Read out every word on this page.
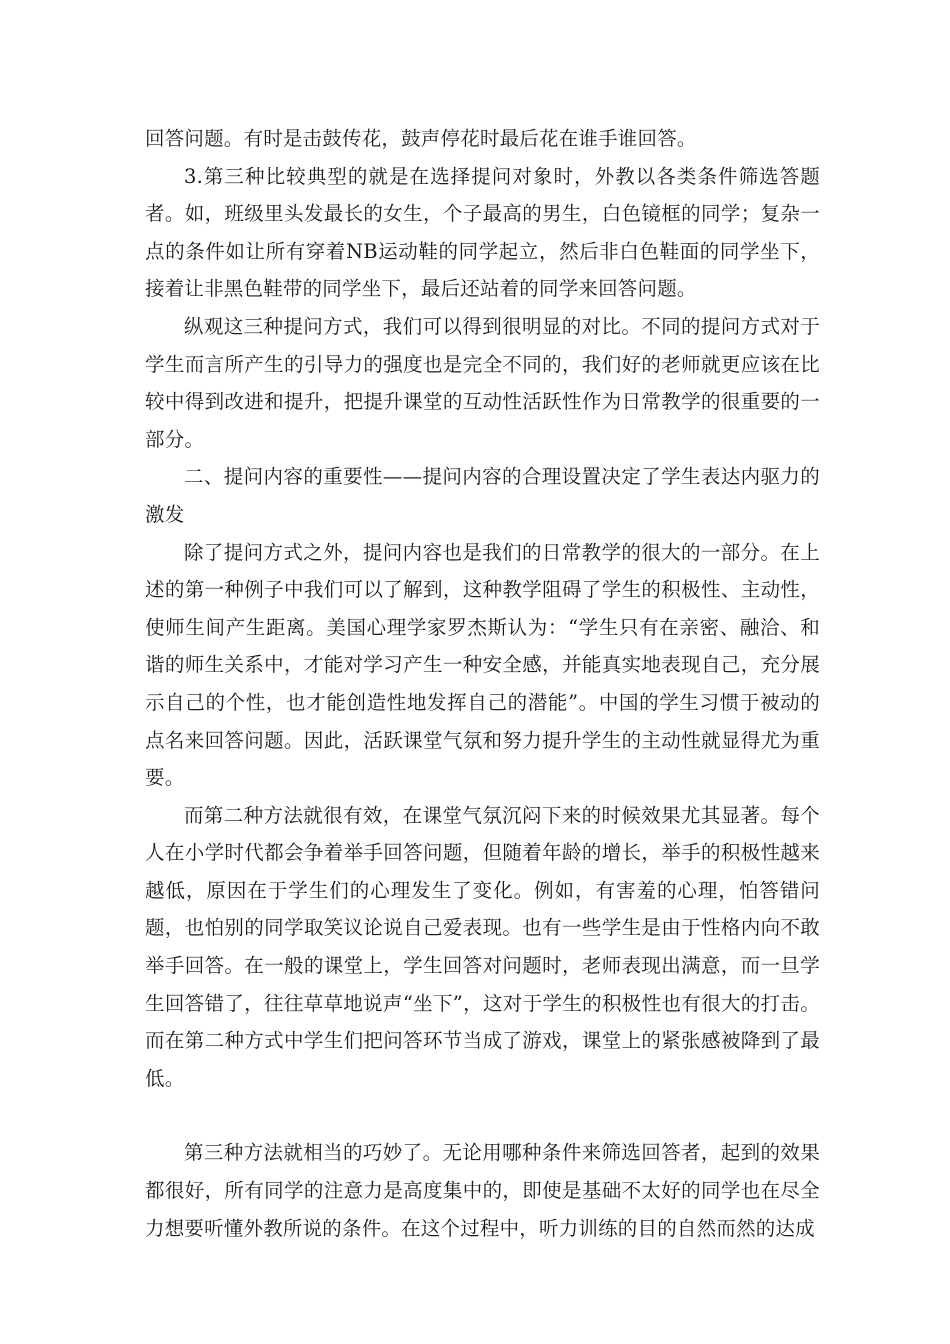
回答问题。有时是击鼓传花，鼓声停花时最后花在谁手谁回答。

3.第三种比较典型的就是在选择提问对象时，外教以各类条件筛选答题者。如，班级里头发最长的女生，个子最高的男生，白色镜框的同学；复杂一点的条件如让所有穿着NB运动鞋的同学起立，然后非白色鞋面的同学坐下，接着让非黑色鞋带的同学坐下，最后还站着的同学来回答问题。

纵观这三种提问方式，我们可以得到很明显的对比。不同的提问方式对于学生而言所产生的引导力的强度也是完全不同的，我们好的老师就更应该在比较中得到改进和提升，把提升课堂的互动性活跃性作为日常教学的很重要的一部分。

二、提问内容的重要性——提问内容的合理设置决定了学生表达内驱力的激发

除了提问方式之外，提问内容也是我们的日常教学的很大的一部分。在上述的第一种例子中我们可以了解到，这种教学阻碍了学生的积极性、主动性，使师生间产生距离。美国心理学家罗杰斯认为：“学生只有在亲密、融洽、和谐的师生关系中，才能对学习产生一种安全感，并能真实地表现自己，充分展示自己的个性，也才能创造性地发挥自己的潜能”。中国的学生习惯于被动的点名来回答问题。因此，活跃课堂气氛和努力提升学生的主动性就显得尤为重要。

而第二种方法就很有效，在课堂气氛沉闷下来的时候效果尤其显著。每个人在小学时代都会争着举手回答问题，但随着年龄的增长，举手的积极性越来越低，原因在于学生们的心理发生了变化。例如，有害羞的心理，怕答错问题，也怕别的同学取笑议论说自己爱表现。也有一些学生是由于性格内向不敢举手回答。在一般的课堂上，学生回答对问题时，老师表现出满意，而一旦学生回答错了，往往草草地说声“坐下”，这对于学生的积极性也有很大的打击。而在第二种方式中学生们把问答环节当成了游戏，课堂上的紧张感被降到了最低。

第三种方法就相当的巧妙了。无论用哪种条件来筛选回答者，起到的效果都很好，所有同学的注意力是高度集中的，即使是基础不太好的同学也在尽全力想要听懂外教所说的条件。在这个过程中，听力训练的目的自然而然的达成
